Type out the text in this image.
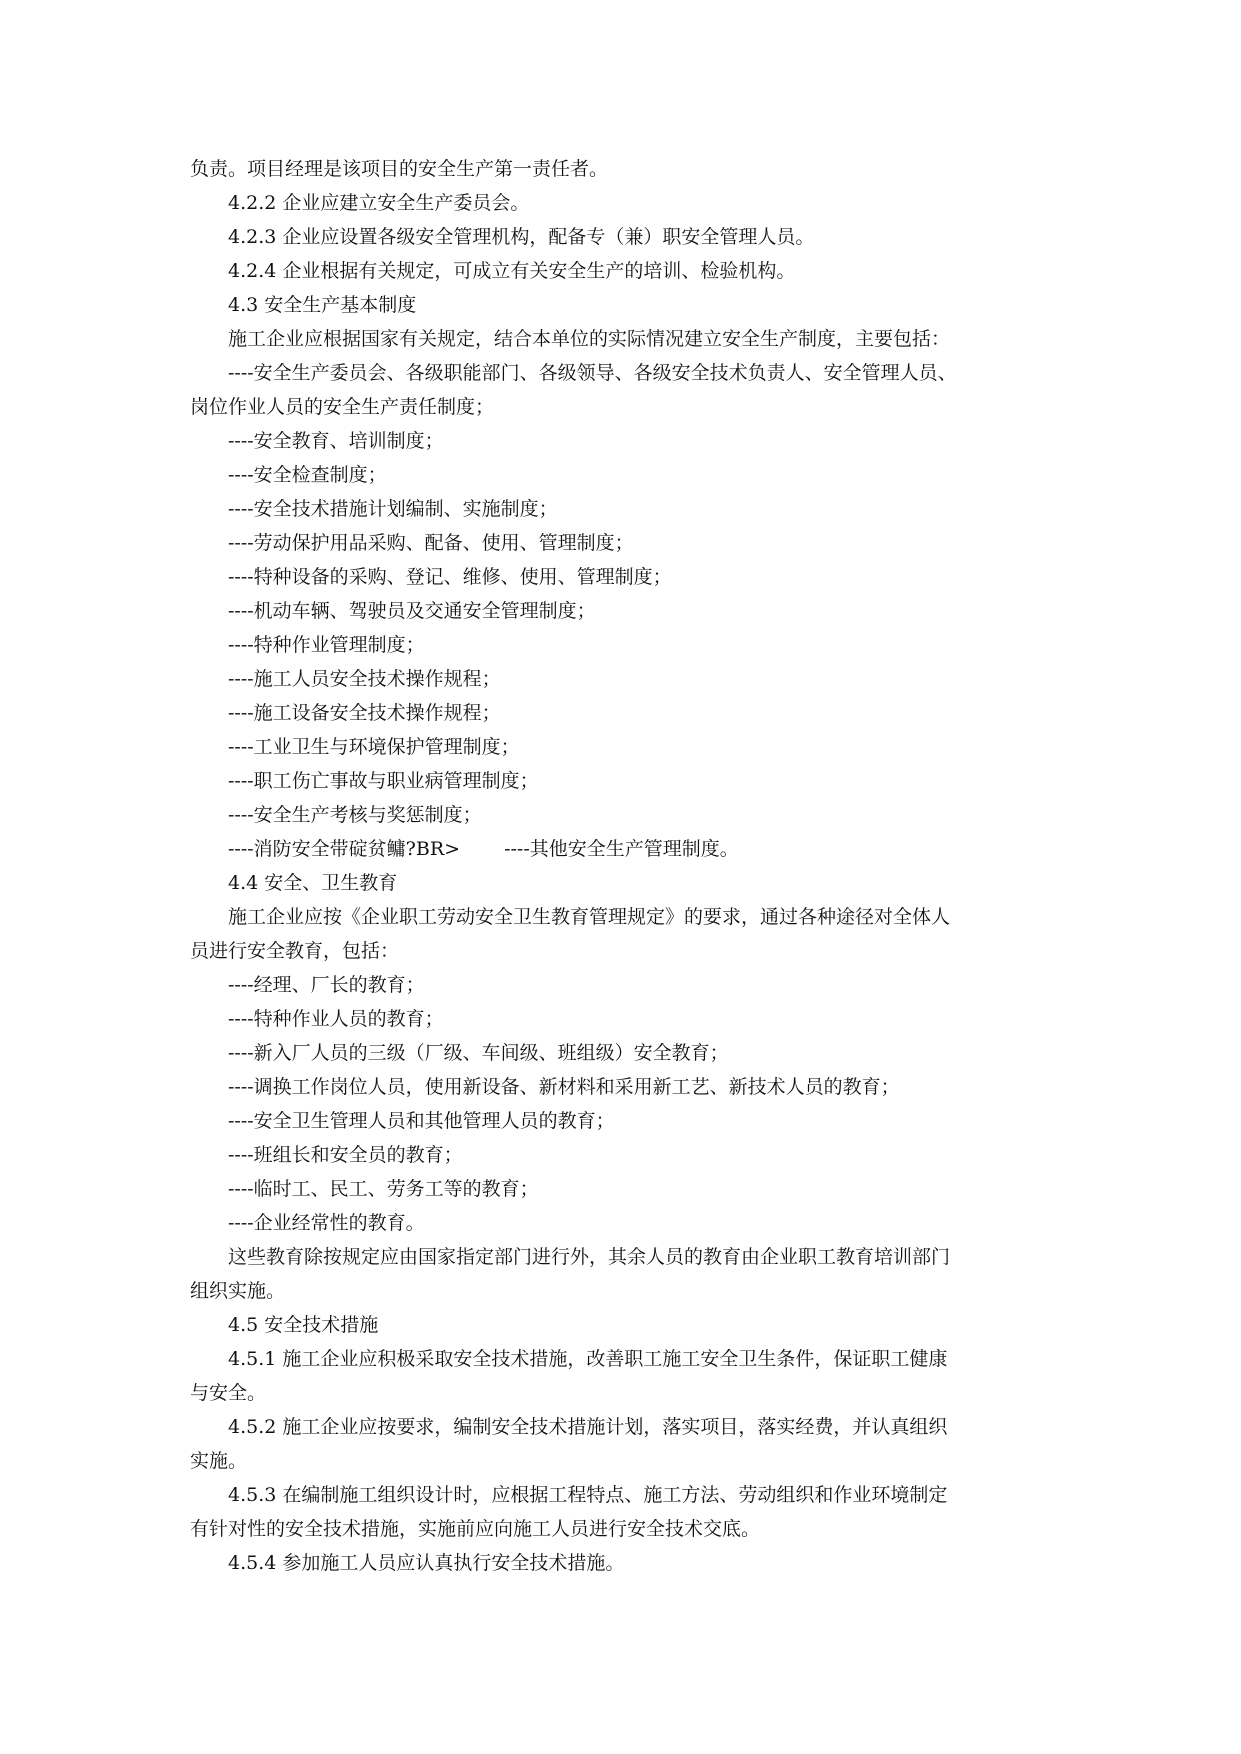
负责。项目经理是该项目的安全生产第一责任者。
4.2.2 企业应建立安全生产委员会。
4.2.3 企业应设置各级安全管理机构，配备专（兼）职安全管理人员。
4.2.4 企业根据有关规定，可成立有关安全生产的培训、检验机构。
4.3 安全生产基本制度
施工企业应根据国家有关规定，结合本单位的实际情况建立安全生产制度，主要包括：
----安全生产委员会、各级职能部门、各级领导、各级安全技术负责人、安全管理人员、
岗位作业人员的安全生产责任制度；
----安全教育、培训制度；
----安全检查制度；
----安全技术措施计划编制、实施制度；
----劳动保护用品采购、配备、使用、管理制度；
----特种设备的采购、登记、维修、使用、管理制度；
----机动车辆、驾驶员及交通安全管理制度；
----特种作业管理制度；
----施工人员安全技术操作规程；
----施工设备安全技术操作规程；
----工业卫生与环境保护管理制度；
----职工伤亡事故与职业病管理制度；
----安全生产考核与奖惩制度；
----消防安全带碇贫鳙?BR> ----其他安全生产管理制度。
4.4 安全、卫生教育
施工企业应按《企业职工劳动安全卫生教育管理规定》的要求，通过各种途径对全体人
员进行安全教育，包括：
----经理、厂长的教育；
----特种作业人员的教育；
----新入厂人员的三级（厂级、车间级、班组级）安全教育；
----调换工作岗位人员，使用新设备、新材料和采用新工艺、新技术人员的教育；
----安全卫生管理人员和其他管理人员的教育；
----班组长和安全员的教育；
----临时工、民工、劳务工等的教育；
----企业经常性的教育。
这些教育除按规定应由国家指定部门进行外，其余人员的教育由企业职工教育培训部门
组织实施。
4.5 安全技术措施
4.5.1 施工企业应积极采取安全技术措施，改善职工施工安全卫生条件，保证职工健康
与安全。
4.5.2 施工企业应按要求，编制安全技术措施计划，落实项目，落实经费，并认真组织
实施。
4.5.3 在编制施工组织设计时，应根据工程特点、施工方法、劳动组织和作业环境制定
有针对性的安全技术措施，实施前应向施工人员进行安全技术交底。
4.5.4 参加施工人员应认真执行安全技术措施。
